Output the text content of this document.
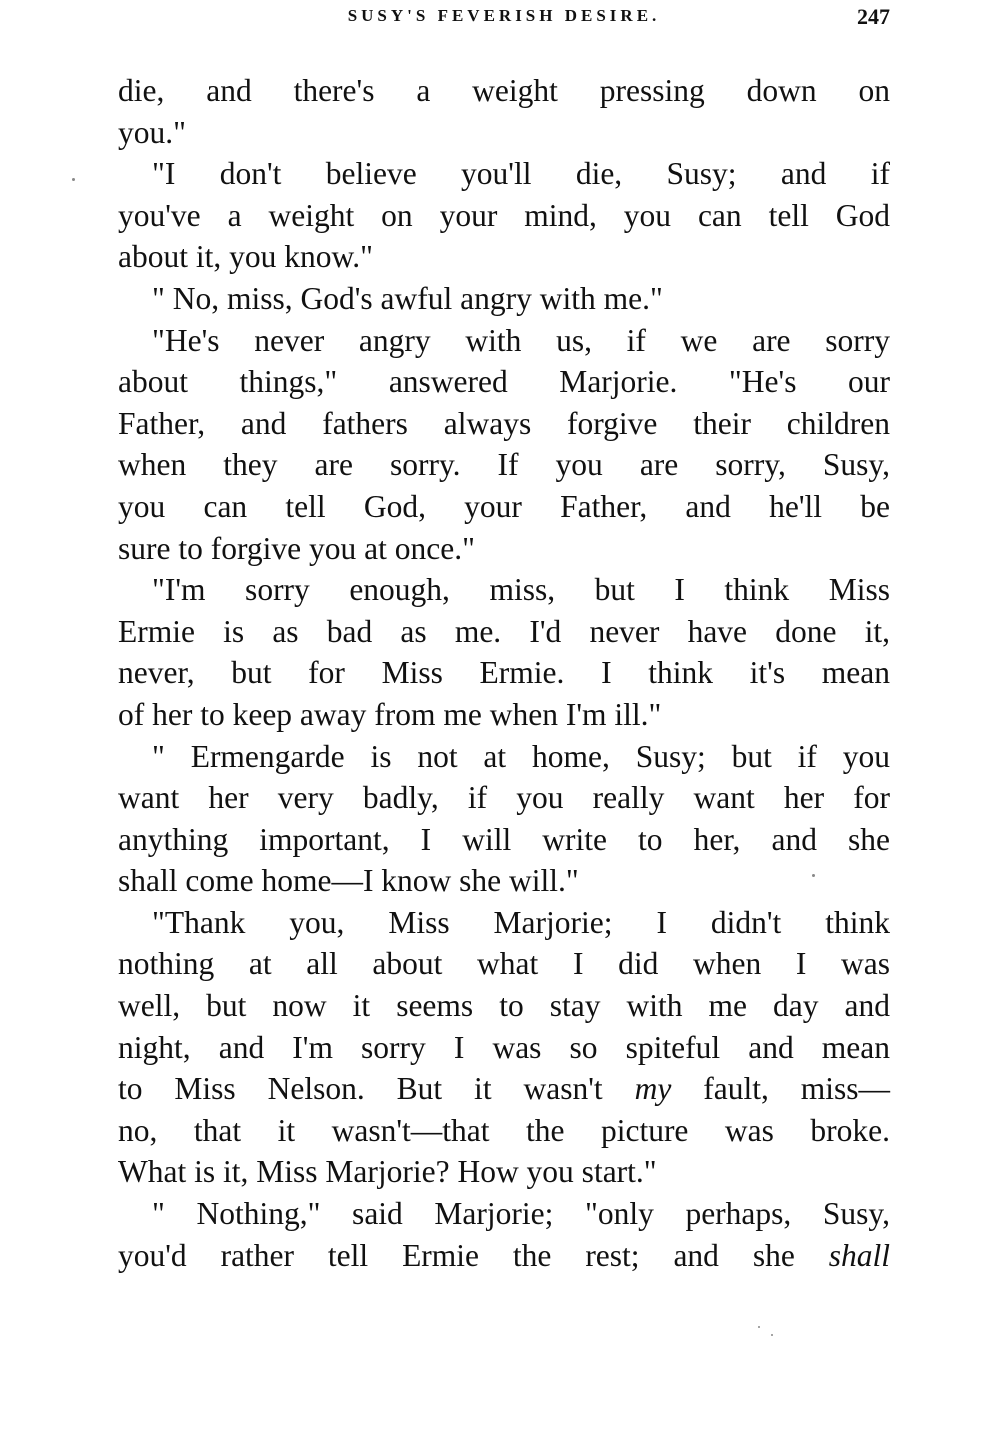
SUSY'S FEVERISH DESIRE.	247
die, and there's a weight pressing down on
you."
"I don't believe you'll die, Susy; and if
you've a weight on your mind, you can tell God
about it, you know."
" No, miss, God's awful angry with me."
"He's never angry with us, if we are sorry
about things," answered Marjorie. "He's our
Father, and fathers always forgive their children
when they are sorry. If you are sorry, Susy,
you can tell God, your Father, and he'll be
sure to forgive you at once."
"I'm sorry enough, miss, but I think Miss
Ermie is as bad as me. I'd never have done it,
never, but for Miss Ermie. I think it's mean
of her to keep away from me when I'm ill."
" Ermengarde is not at home, Susy; but if you
want her very badly, if you really want her for
anything important, I will write to her, and she
shall come home—I know she will."
"Thank you, Miss Marjorie; I didn't think
nothing at all about what I did when I was
well, but now it seems to stay with me day and
night, and I'm sorry I was so spiteful and mean
to Miss Nelson. But it wasn't my fault, miss—
no, that it wasn't—that the picture was broke.
What is it, Miss Marjorie? How you start."
" Nothing," said Marjorie; "only perhaps, Susy,
you'd rather tell Ermie the rest; and she shall
